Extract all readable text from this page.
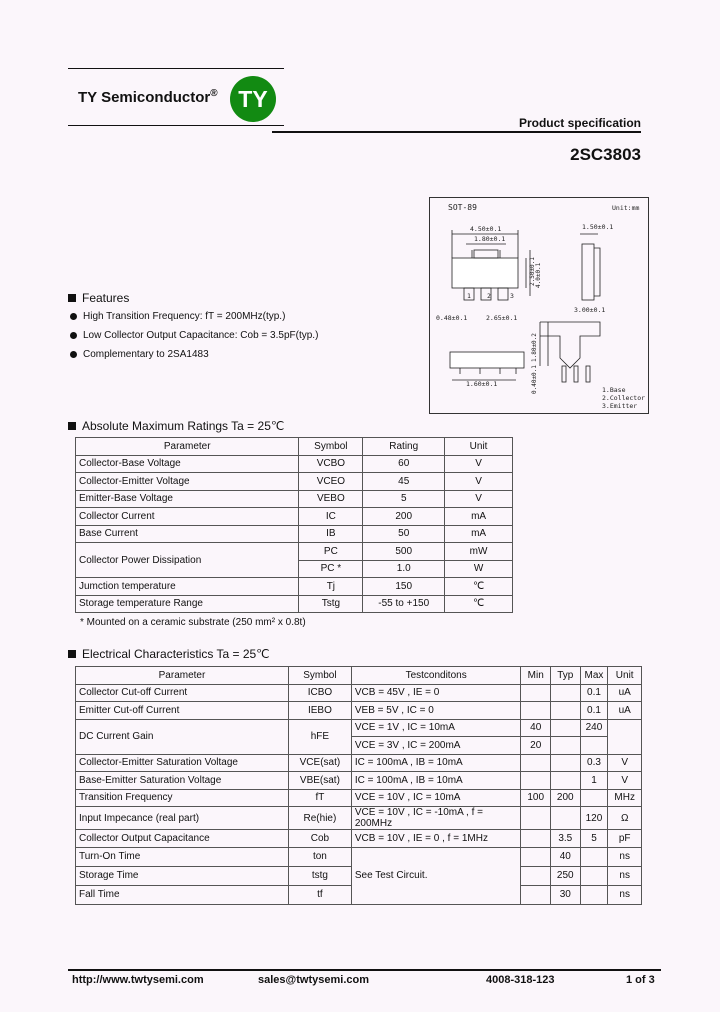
TY Semiconductor® TY
Product specification
2SC3803
SOT-89	Unit:mm
4.50±0.1
1.80±0.1
1.50±0.1
0.48±0.1	2.65±0.1
1.60±0.1
3.00±0.1
1 2	3
1.Base
2.Collector
3.Emitter
2.50±0.1 4.0±0.1
1.80±0.2
0.40±0.1
Features
High Transition Frequency: fT = 200MHz(typ.)
Low Collector Output Capacitance: Cob = 3.5pF(typ.)
Complementary to 2SA1483
Absolute Maximum Ratings Ta = 25℃
Parameter	Symbol	Rating	Unit
Collector-Base Voltage	VCBO	60	V
Collector-Emitter Voltage	VCEO	45	V
Emitter-Base Voltage	VEBO	5	V
Collector Current	IC	200	mA
Base Current	IB	50	mA
Collector Power Dissipation	PC	500	mW
	PC *	1.0	W
Jumction temperature	Tj	150	℃
Storage temperature Range	Tstg	-55 to +150	℃
* Mounted on a ceramic substrate (250 mm² x 0.8t)
Electrical Characteristics Ta = 25℃
Parameter	Symbol	Testconditons	Min	Typ	Max	Unit
Collector Cut-off Current	ICBO	VCB = 45V , IE = 0			0.1	uA
Emitter Cut-off Current	IEBO	VEB = 5V , IC = 0			0.1	uA
DC Current Gain	hFE	VCE = 1V , IC = 10mA	40		240	
		VCE = 3V , IC = 200mA	20			
Collector-Emitter Saturation Voltage	VCE(sat)	IC = 100mA , IB = 10mA			0.3	V
Base-Emitter Saturation Voltage	VBE(sat)	IC = 100mA , IB = 10mA			1	V
Transition Frequency	fT	VCE = 10V , IC = 10mA	100	200		MHz
Input Impecance (real part)	Re(hie)	VCE = 10V , IC = -10mA , f = 200MHz			120	Ω
Collector Output Capacitance	Cob	VCB = 10V , IE = 0 , f = 1MHz		3.5	5	pF
Turn-On Time	ton	See Test Circuit.		40		ns
Storage Time	tstg			250		ns
Fall Time	tf			30		ns
http://www.twtysemi.com	sales@twtysemi.com	4008-318-123	1 of 3
